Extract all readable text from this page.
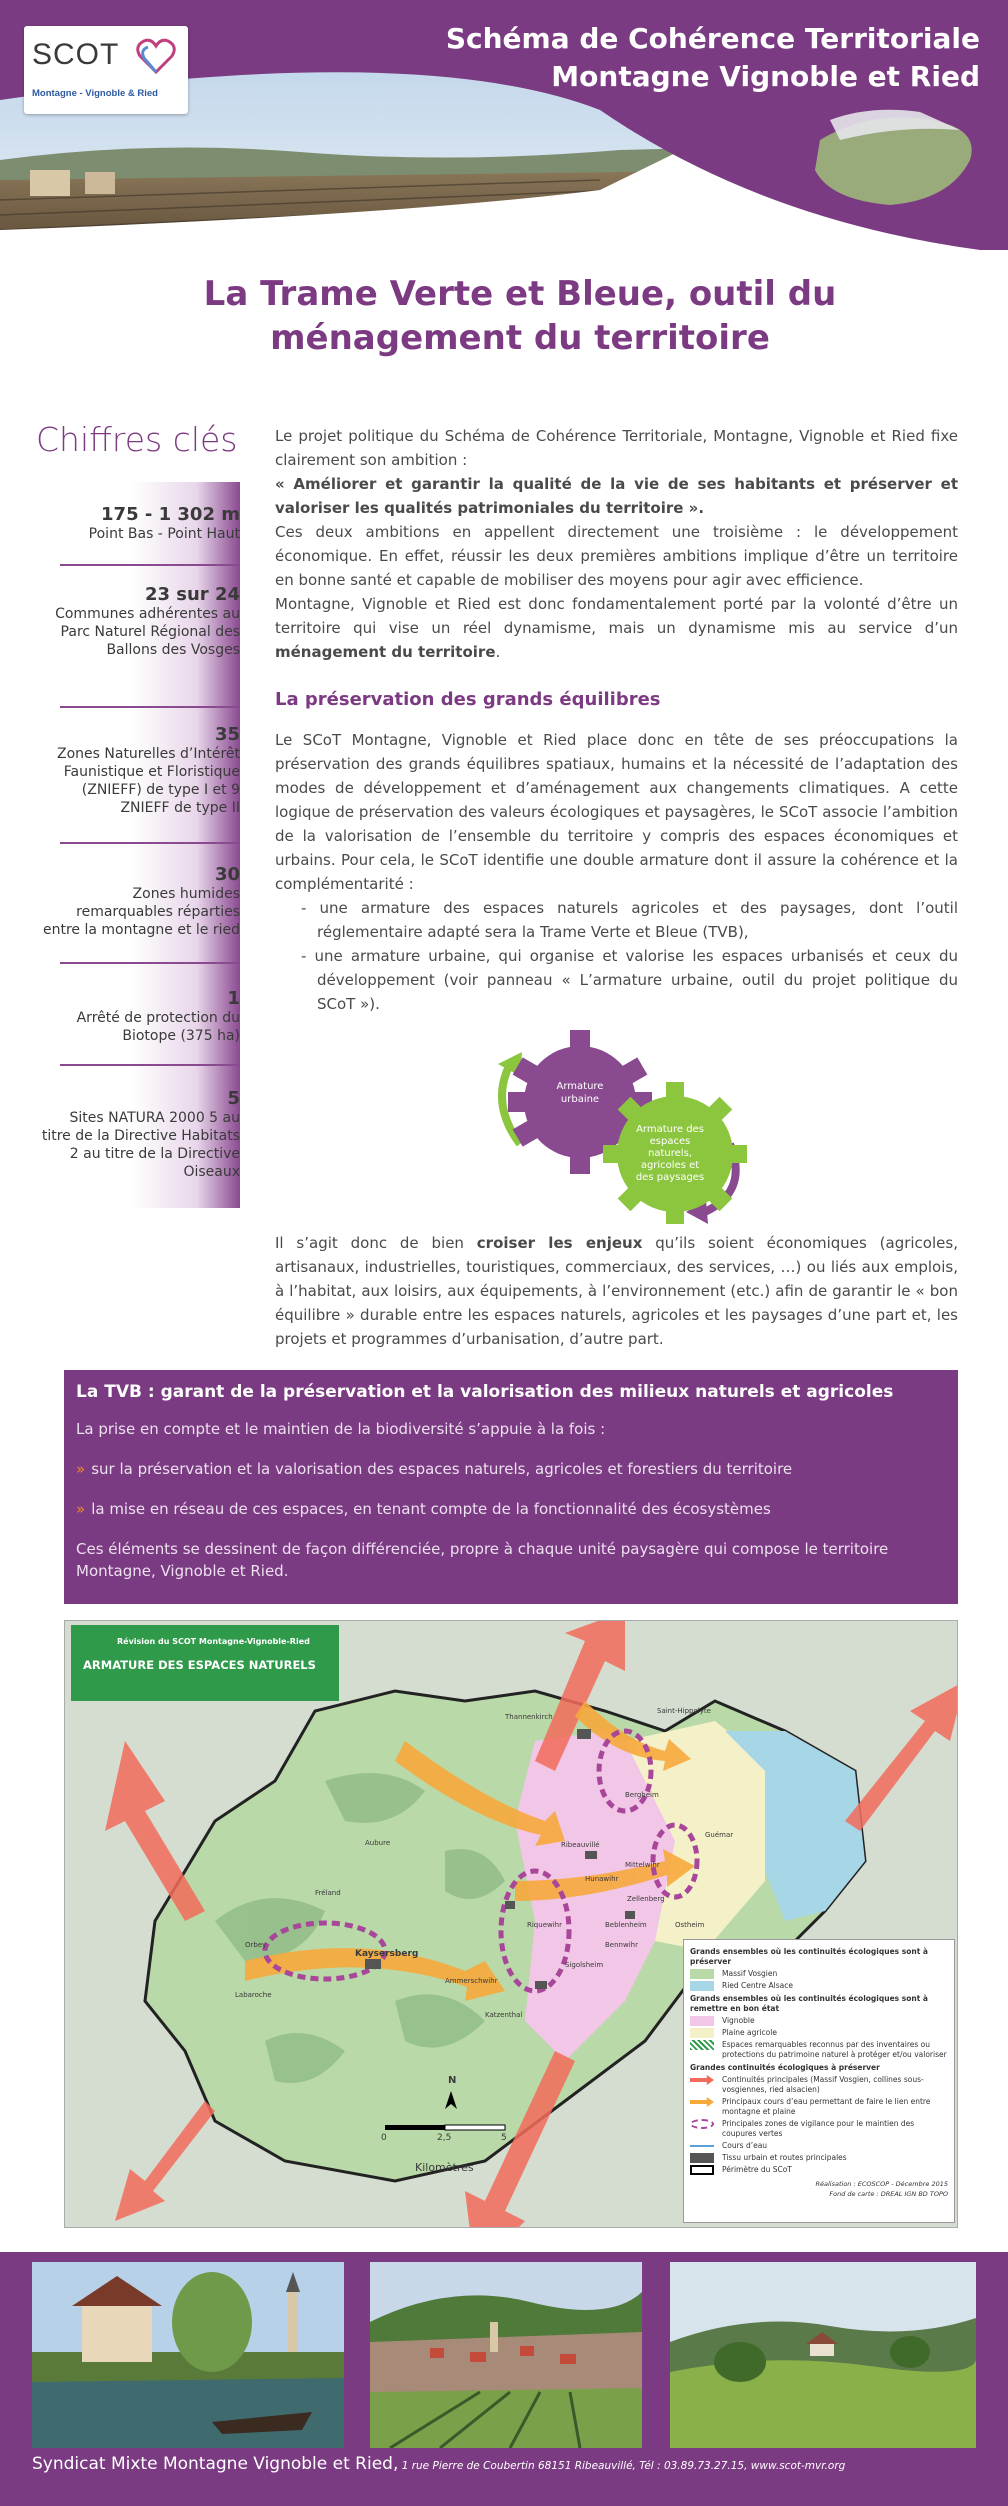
SCOT
Montagne - Vignoble & Ried
Schéma de Cohérence Territoriale
Montagne Vignoble et Ried
La Trame Verte et Bleue, outil du
ménagement du territoire
Chiffres clés
175 - 1 302 m
Point Bas - Point Haut
23 sur 24
Communes adhérentes au Parc Naturel Régional des Ballons des Vosges
35
Zones Naturelles d’Intérêt Faunistique et Floristique (ZNIEFF) de type I et 9 ZNIEFF de type II
30
Zones humides remarquables réparties entre la montagne et le ried
1
Arrêté de protection du Biotope (375 ha)
5
Sites NATURA 2000 5 au titre de la Directive Habitats 2 au titre de la Directive Oiseaux

Le projet politique du Schéma de Cohérence Territoriale, Montagne, Vignoble et Ried fixe clairement son ambition :

« Améliorer et garantir la qualité de la vie de ses habitants et préserver et valoriser les qualités patrimoniales du territoire ».

Ces deux ambitions en appellent directement une troisième : le développement économique. En effet, réussir les deux premières ambitions implique d’être un territoire en bonne santé et capable de mobiliser des moyens pour agir avec efficience.

Montagne, Vignoble et Ried est donc fondamentalement porté par la volonté d’être un territoire qui vise un réel dynamisme, mais un dynamisme mis au service d’un ménagement du territoire.

La préservation des grands équilibres

Le SCoT Montagne, Vignoble et Ried place donc en tête de ses préoccupations la préservation des grands équilibres spatiaux, humains et la nécessité de l’adaptation des modes de développement et d’aménagement aux changements climatiques. A cette logique de préservation des valeurs écologiques et paysagères, le SCoT associe l’ambition de la valorisation de l’ensemble du territoire y compris des espaces économiques et urbains. Pour cela, le SCoT identifie une double armature dont il assure la cohérence et la complémentarité :

- une armature des espaces naturels agricoles et des paysages, dont l’outil réglementaire adapté sera la Trame Verte et Bleue (TVB),
- une armature urbaine, qui organise et valorise les espaces urbanisés et ceux du développement (voir panneau « L’armature urbaine, outil du projet politique du SCoT »).
Armature urbaine
Armature des espaces naturels, agricoles et des paysages

Il s’agit donc de bien croiser les enjeux qu’ils soient économiques (agricoles, artisanaux, industrielles, touristiques, commerciaux, des services, …) ou liés aux emplois, à l’habitat, aux loisirs, aux équipements, à l’environnement (etc.) afin de garantir le « bon équilibre » durable entre les espaces naturels, agricoles et les paysages d’une part et, les projets et programmes d’urbanisation, d’autre part.

La TVB : garant de la préservation et la valorisation des milieux naturels et agricoles

La prise en compte et le maintien de la biodiversité s’appuie à la fois :

» sur la préservation et la valorisation des espaces naturels, agricoles et forestiers du territoire

» la mise en réseau de ces espaces, en tenant compte de la fonctionnalité des écosystèmes

Ces éléments se dessinent de façon différenciée, propre à chaque unité paysagère qui compose le territoire Montagne, Vignoble et Ried.

Révision du SCOT Montagne-Vignoble-Ried
ARMATURE DES ESPACES NATURELS
N
0	2,5	5
Kilomètres
Saint-Hippolyte
Thannenkirch
Bergheim
Ribeauvillé
Aubure
Hunawihr
Zellenberg
Riquewihr
Fréland
Labaroche
Orbey
Kaysersberg
Ammerschwihr
Katzenthal
Sigolsheim
Guémar
Ostheim
Beblenheim
Bennwihr
Mittelwihr
Grands ensembles où les continuités écologiques sont à préserver
Massif Vosgien
Ried Centre Alsace
Grands ensembles où les continuités écologiques sont à remettre en bon état
Vignoble
Plaine agricole
Espaces remarquables reconnus par des inventaires ou protections du patrimoine naturel à protéger et/ou valoriser
Grandes continuités écologiques à préserver
Continuités principales (Massif Vosgien, collines sous-vosgiennes, ried alsacien)
Principaux cours d’eau permettant de faire le lien entre montagne et plaine
Principales zones de vigilance pour le maintien des coupures vertes
Cours d’eau
Tissu urbain et routes principales
Périmètre du SCoT
Réalisation : ECOSCOP - Décembre 2015
Fond de carte : DREAL IGN BD TOPO
Syndicat Mixte Montagne Vignoble et Ried, 1 rue Pierre de Coubertin 68151 Ribeauvillé, Tél : 03.89.73.27.15, www.scot-mvr.org
